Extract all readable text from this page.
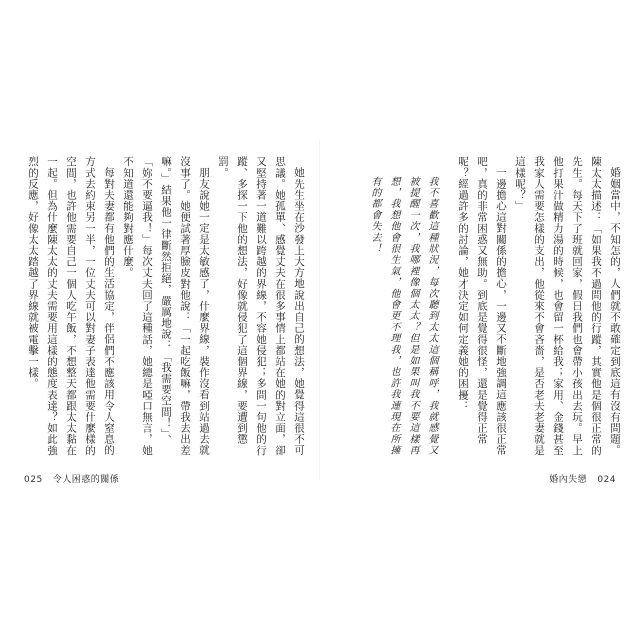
她先生坐在沙發上大方地說出自己的想法，她覺得這很不可思議。她孤單、感覺丈夫在很多事情上都站在她的對立面，卻又堅持著一道難以跨越的界線，不容她侵犯；多問一句他的行蹤、多探一下他的想法，好像就侵犯了這個界線，要遭到懲罰。

朋友說她一定是太敏感了，什麼界線，裝作沒看到站過去就沒事了。她便試著厚臉皮對他說：「一起吃飯嘛，帶我去出差嘛。」結果他一律斷然拒絕，嚴厲地說：「我需要空間！」、「妳不要逼我！」每次丈夫回了這種話，她總是啞口無言，她不知道還能夠對應什麼。

每對夫妻都有他們的生活協定，伴侶們不應該用令人窒息的方式去約束另一半，一位丈夫可以對妻子表達他需要什麼樣的空間，也許他需要自己一個人吃午飯，不想整天都跟太太黏在一起。但為什麼陳太太的丈夫需要用這樣的態度表達？如此強烈的反應，好像太太踏越了界線就被電擊一樣。

025 令人困惑的關係

婚姻當中，不知怎的，人們就不敢確定到底這有沒有問題。陳太太描述：「如果我不過問他的行蹤，其實他是個很正常的先生。每天下了班就回家，假日我們也會帶小孩出去玩。早上他打果汁做精力湯的時候，也會留一杯給我；家用、金錢甚至我家人需要怎樣的支出，他從來不會吝嗇，是否老夫老妻就是這樣呢？」

一邊擔心這對關係的擔心，一邊又不斷地強調這應該很正常吧，真的非常困惑又無助。到底是覺得很怪，還是覺得正常呢？經過許多的討論，她才決定如何定義她的困擾：

我不喜歡這種狀況，每次聽到太太這個稱呼，我就感覺又被提醒一次，我哪裡像個太太？但是如果叫我不要這樣再想，我想他會很生氣，他會更不理我，也許我連現在所擁有的都會失去！

婚內失戀 024
